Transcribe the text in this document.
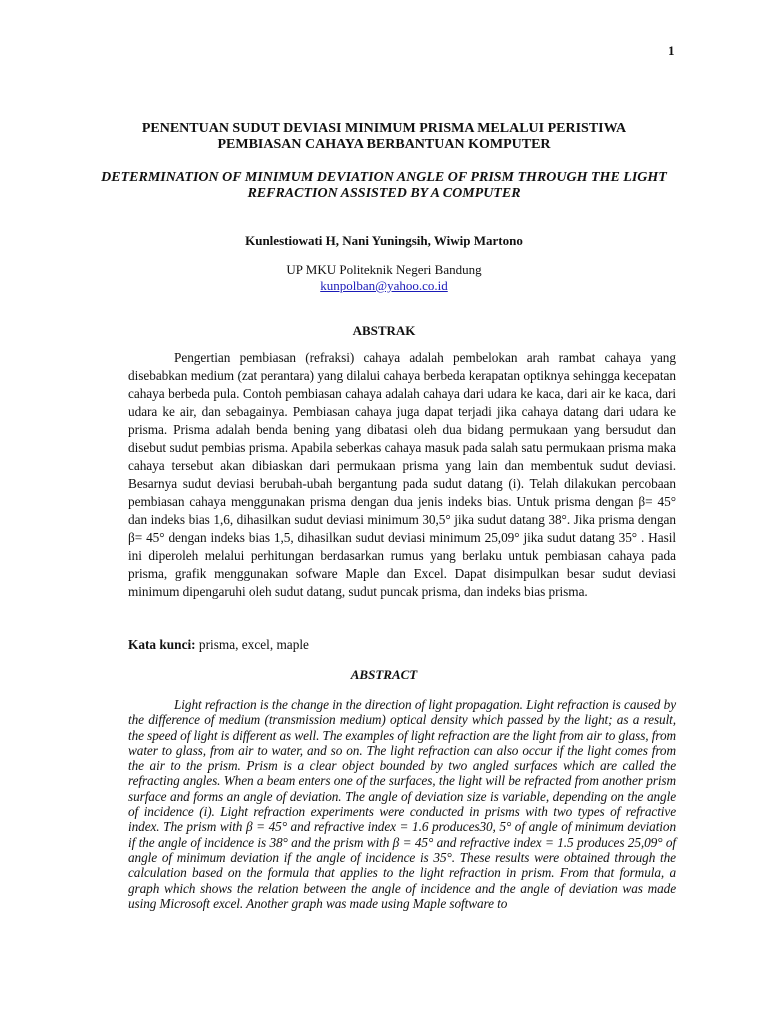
1
PENENTUAN SUDUT DEVIASI MINIMUM PRISMA MELALUI PERISTIWA PEMBIASAN CAHAYA BERBANTUAN KOMPUTER
DETERMINATION OF MINIMUM DEVIATION ANGLE OF PRISM THROUGH THE LIGHT REFRACTION ASSISTED BY A COMPUTER
Kunlestiowati H, Nani Yuningsih, Wiwip Martono
UP MKU Politeknik Negeri Bandung
kunpolban@yahoo.co.id
ABSTRAK

Pengertian pembiasan (refraksi) cahaya adalah pembelokan arah rambat cahaya yang disebabkan medium (zat perantara) yang dilalui cahaya berbeda kerapatan optiknya sehingga kecepatan cahaya berbeda pula. Contoh pembiasan cahaya adalah cahaya dari udara ke kaca, dari air ke kaca, dari udara ke air, dan sebagainya. Pembiasan cahaya juga dapat terjadi jika cahaya datang dari udara ke prisma. Prisma adalah benda bening yang dibatasi oleh dua bidang permukaan yang bersudut dan disebut sudut pembias prisma. Apabila seberkas cahaya masuk pada salah satu permukaan prisma maka cahaya tersebut akan dibiaskan dari permukaan prisma yang lain dan membentuk sudut deviasi. Besarnya sudut deviasi berubah-ubah bergantung pada sudut datang (i). Telah dilakukan percobaan pembiasan cahaya menggunakan prisma dengan dua jenis indeks bias. Untuk prisma dengan β= 45° dan indeks bias 1,6, dihasilkan sudut deviasi minimum 30,5° jika sudut datang 38°. Jika prisma dengan β= 45° dengan indeks bias 1,5, dihasilkan sudut deviasi minimum 25,09° jika sudut datang 35° . Hasil ini diperoleh melalui perhitungan berdasarkan rumus yang berlaku untuk pembiasan cahaya pada prisma, grafik menggunakan sofware Maple dan Excel. Dapat disimpulkan besar sudut deviasi minimum dipengaruhi oleh sudut datang, sudut puncak prisma, dan indeks bias prisma.

Kata kunci: prisma, excel, maple
ABSTRACT

Light refraction is the change in the direction of light propagation. Light refraction is caused by the difference of medium (transmission medium) optical density which passed by the light; as a result, the speed of light is different as well. The examples of light refraction are the light from air to glass, from water to glass, from air to water, and so on. The light refraction can also occur if the light comes from the air to the prism. Prism is a clear object bounded by two angled surfaces which are called the refracting angles. When a beam enters one of the surfaces, the light will be refracted from another prism surface and forms an angle of deviation. The angle of deviation size is variable, depending on the angle of incidence (i). Light refraction experiments were conducted in prisms with two types of refractive index. The prism with β = 45° and refractive index = 1.6 produces30, 5° of angle of minimum deviation if the angle of incidence is 38° and the prism with β = 45° and refractive index = 1.5 produces 25,09° of angle of minimum deviation if the angle of incidence is 35°. These results were obtained through the calculation based on the formula that applies to the light refraction in prism. From that formula, a graph which shows the relation between the angle of incidence and the angle of deviation was made using Microsoft excel. Another graph was made using Maple software to
